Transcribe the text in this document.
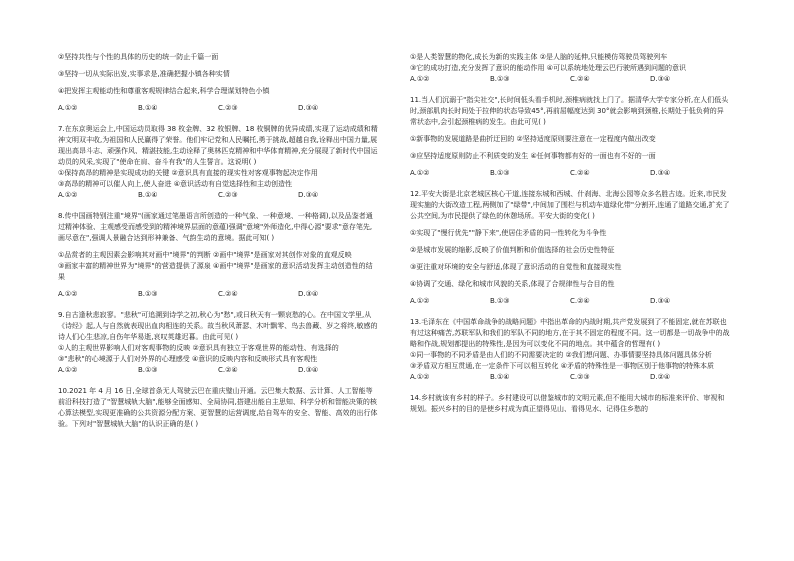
②坚持共性与个性的具体的历史的统一防止千篇一面

③坚持一切从实际出发,实事求是,准确把握小镇各种实情

④把发挥主观能动性和尊重客观规律结合起来,科学合理谋划特色小镇

A.①②	B.①④	C.②③	D.③④

7.在东京奥运会上,中国运动员取得 38 枚金牌、32 枚银牌、18 枚铜牌的优异成绩,实现了运动成绩和精神文明双丰收,为祖国和人民赢得了荣誉。他们牢记党和人民嘱托,勇于挑战,超越自我,诠释出中国力量,展现出高昂斗志、顽强作风、精湛技能,生动诠释了奥林匹克精神和中华体育精神,充分展现了新时代中国运动员的风采,实现了"使命在肩、奋斗有我"的人生誓言。这说明( )

①保持高昂的精神是实现成功的关键 ②意识具有直接的现实性对客观事物起决定作用

③高昂的精神可以催人向上,使人奋进 ④意识活动有自觉选择性和主动创造性

A.①②	B.①④	C.②③	D.③④

8.传中国画特别注重"境界"(画家通过笔墨语言所创造的一种气象、一种意境、一种格调),以及品鉴者通过精神体验、主观感受而感受到的精神境界层面的意蕴)强调"意境"外师造化,中得心源"要求"意存笔先,画尽意在",强调人景融合达到形神兼备、气韵生动的意境。据此可知( )

①品赏者的主观因素会影响其对画中"境界"的判断 ②画中"境界"是画家对其创作对象的直观反映

③画家丰富的精神世界为"境界"的营造提供了源泉 ④画中"境界"是画家的意识活动发挥主动创造性的结果

A.①②	B.①③	C.②④	D.③④

9.自古逢秋悲寂寥。"悲秋"可追溯到诗学之初,秋心为"愁",或曰秋天有一颗哀愁的心。在中国文学里,从《诗经》起,人与自然就表现出血肉相连的关系。故当秋风萧瑟、木叶飘零、鸟去兽藏、岁之将终,敏感的诗人们心生悲凉,自伤年华易逝,哀叹英雄迟暮。由此可见( )

①人的主观世界影响人们对客观事物的反映 ②意识具有独立于客观世界的能动性、有选择的

③"悲秋"的心境源于人们对外界的心理感受 ④意识的反映内容和反映形式具有客观性

A.①②	B.①③	C.②④	D.③④

10.2021 年 4 月 16 日,全球首条无人驾驶云巴在重庆璧山开通。云巴集大数据、云计算、人工智能等前沿科技打造了"智慧城轨大脑",能够全面感知、全局协同,搭建出能自主思知、科学分析和智能决策的核心算法模型,实现更准确的公共资源分配方案、更智慧的运营调度,给自驾车的安全、智能、高效的出行体验。下列对"智慧城轨大脑"的认识正确的是( )

①是人类智慧的物化,成长为新的实践主体 ②是人脑的延伸,只能模仿驾驶员驾驶列车

③它的成功打造,充分发挥了意识的能动作用 ④可以系统地处理云巴行驶所遇到问题的意识

A.①②	B.①③	C.②④	D.③④

11.当人们沉溺于"指尖社交",长时间低头看手机时,颈椎病就找上门了。据清华大学专家分析,在人们低头时,颈部肌肉长时间处于拉伸的状态导致45°,再前屈幅度达到 30°就会影响到颈椎,长期处于低负荷的异常状态中,会引起颈椎病的发生。由此可见( )

①新事物的发展道路是曲折迂回的 ②坚持适度原则要注意在一定程度内做出改变

③应坚持适度原则防止不利质变的发生 ④任何事物都有好的一面也有不好的一面

A.①②	B.①③	C.②④	D.③④

12.平安大街是北京老城区核心干道,连接东城和西城、什刹海、北海公园等众多名胜古迹。近来,市民发现实施的大街改造工程,两侧加了"绿带",中间加了围栏与机动车道绿化带"分割开,连通了道路交通,扩充了公共空间,为市民提供了绿色的休憩场所。平安大街的变化( )

①实现了"慢行优先""静下来",使居住矛盾的同一性转化为斗争性

②是城市发展的缩影,反映了价值判断和价值选择的社会历史性特征

③更注重对环境的安全与舒适,体现了意识活动的自觉性和直接现实性

④协调了交通、绿化和城市风貌的关系,体现了合规律性与合目的性

A.①②	B.①③	C.②④	D.③④

13.毛泽东在《中国革命战争的战略问题》中指出革命的内战时期,共产党发展到了不能固定,就在苏联也有过这种痛苦,苏联军队和我们的军队不同的地方,在于其不固定的程度不同。这一切都是一切战争中的战略和作战,规划都提出的特殊性,是因为可以变化不同的地点。其中蕴含的哲理有( )

①同一事物的不同矛盾是由人们的不同需要决定的 ②我们想问题、办事情要坚持具体问题具体分析

③矛盾双方相互贯通,在一定条件下可以相互转化 ④矛盾的特殊性是一事物区别于他事物的特殊本质

A.①②	B.①④	C.②③	D.②④

14.乡村就该有乡村的样子。乡村建设可以借鉴城市的文明元素,但不能用大城市的标准来评价、审视和规划。振兴乡村的目的是使乡村成为真正望得见山、看得见水、记得住乡愁的
